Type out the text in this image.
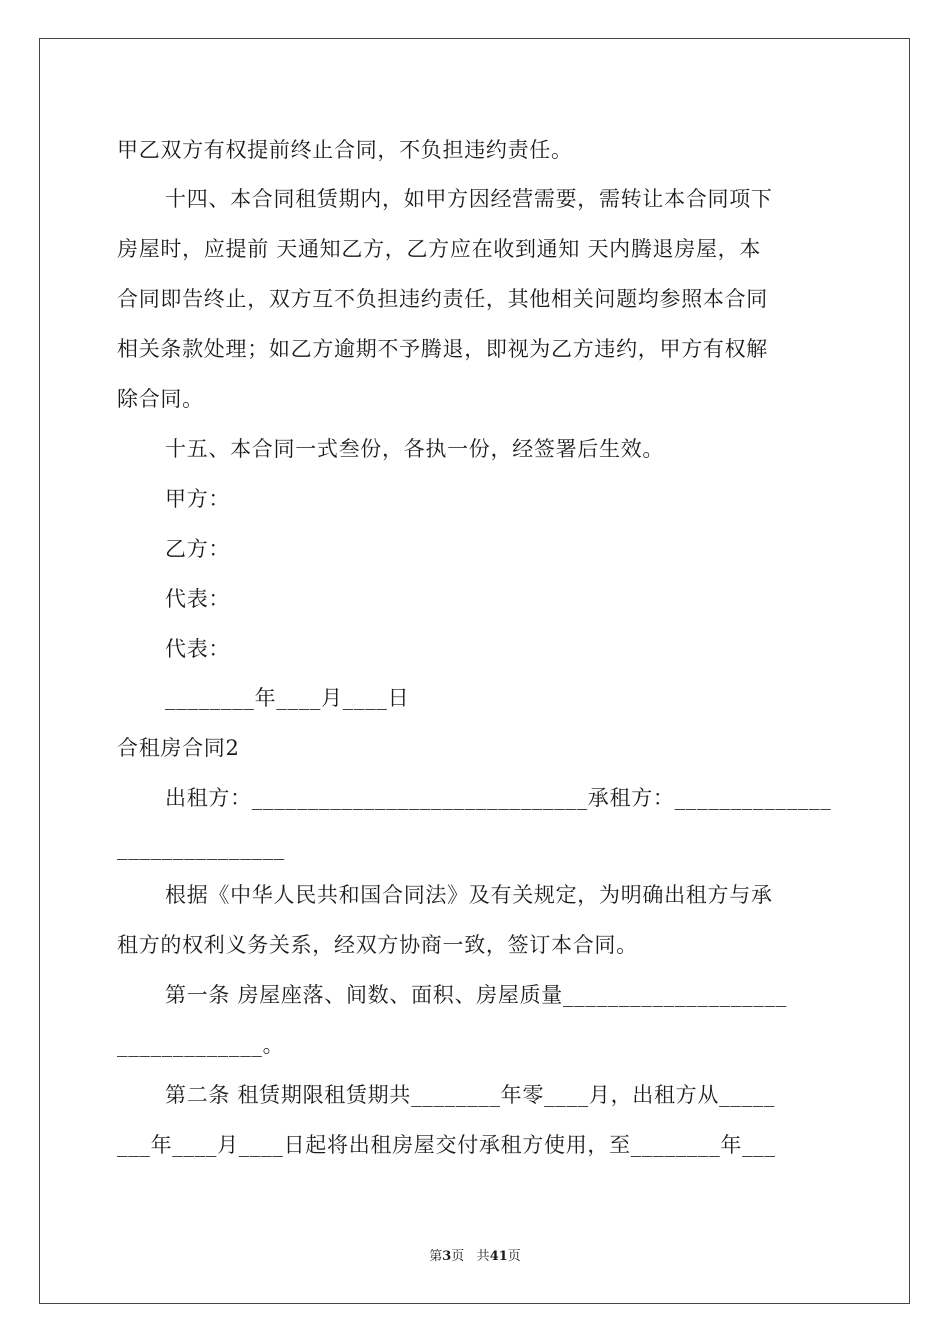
甲乙双方有权提前终止合同，不负担违约责任。
十四、本合同租赁期内，如甲方因经营需要，需转让本合同项下
房屋时，应提前 天通知乙方，乙方应在收到通知 天内腾退房屋，本
合同即告终止，双方互不负担违约责任，其他相关问题均参照本合同
相关条款处理；如乙方逾期不予腾退，即视为乙方违约，甲方有权解
除合同。
十五、本合同一式叁份，各执一份，经签署后生效。
甲方：
乙方：
代表：
代表：
________年____月____日
合租房合同2
出租方：______________________________承租方：______________
_______________
根据《中华人民共和国合同法》及有关规定，为明确出租方与承
租方的权利义务关系，经双方协商一致，签订本合同。
第一条 房屋座落、间数、面积、房屋质量____________________
_____________。
第二条 租赁期限租赁期共________年零____月，出租方从_____
___年____月____日起将出租房屋交付承租方使用，至________年___
第3页 共41页
